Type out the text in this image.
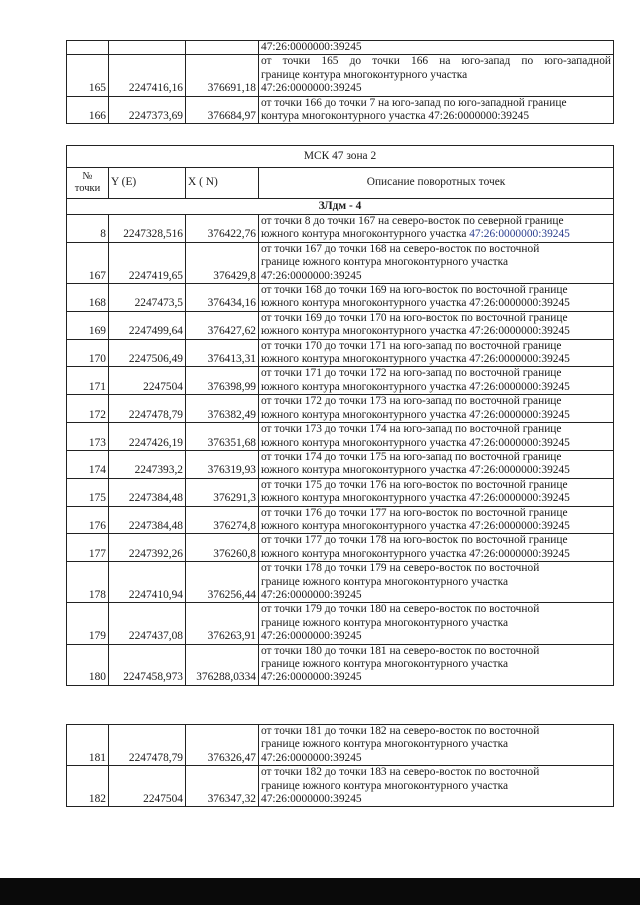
			47:26:0000000:39245

165	2247416,16	376691,18	от точки 165 до точки 166 на юго-запад по юго-западной
границе контура многоконтурного участка
47:26:0000000:39245

166	2247373,69	376684,97	от точки 166 до точки 7 на юго-запад по юго-западной границе
контура многоконтурного участка 47:26:0000000:39245
МСК 47 зона 2			
№
точки	Y (E)	X ( N)	Описание поворотных точек
ЗЛдм - 4			
8	2247328,516	376422,76	от точки 8 до точки 167 на северо-восток по северной границе
южного контура многоконтурного участка 47:26:0000000:39245

167	2247419,65	376429,8	от точки 167 до точки 168 на северо-восток по восточной
границе южного контура многоконтурного участка
47:26:0000000:39245

168	2247473,5	376434,16	от точки 168 до точки 169 на юго-восток по восточной границе
южного контура многоконтурного участка 47:26:0000000:39245

169	2247499,64	376427,62	от точки 169 до точки 170 на юго-восток по восточной границе
южного контура многоконтурного участка 47:26:0000000:39245

170	2247506,49	376413,31	от точки 170 до точки 171 на юго-запад по восточной границе
южного контура многоконтурного участка 47:26:0000000:39245

171	2247504	376398,99	от точки 171 до точки 172 на юго-запад по восточной границе
южного контура многоконтурного участка 47:26:0000000:39245

172	2247478,79	376382,49	от точки 172 до точки 173 на юго-запад по восточной границе
южного контура многоконтурного участка 47:26:0000000:39245

173	2247426,19	376351,68	от точки 173 до точки 174 на юго-запад по восточной границе
южного контура многоконтурного участка 47:26:0000000:39245

174	2247393,2	376319,93	от точки 174 до точки 175 на юго-запад по восточной границе
южного контура многоконтурного участка 47:26:0000000:39245

175	2247384,48	376291,3	от точки 175 до точки 176 на юго-восток по восточной границе
южного контура многоконтурного участка 47:26:0000000:39245

176	2247384,48	376274,8	от точки 176 до точки 177 на юго-восток по восточной границе
южного контура многоконтурного участка 47:26:0000000:39245

177	2247392,26	376260,8	от точки 177 до точки 178 на юго-восток по восточной границе
южного контура многоконтурного участка 47:26:0000000:39245

178	2247410,94	376256,44	от точки 178 до точки 179 на северо-восток по восточной
границе южного контура многоконтурного участка
47:26:0000000:39245

179	2247437,08	376263,91	от точки 179 до точки 180 на северо-восток по восточной
границе южного контура многоконтурного участка
47:26:0000000:39245

180	2247458,973	376288,0334	от точки 180 до точки 181 на северо-восток по восточной
границе южного контура многоконтурного участка
47:26:0000000:39245
181	2247478,79	376326,47	от точки 181 до точки 182 на северо-восток по восточной
границе южного контура многоконтурного участка
47:26:0000000:39245

182	2247504	376347,32	от точки 182 до точки 183 на северо-восток по восточной
границе южного контура многоконтурного участка
47:26:0000000:39245
